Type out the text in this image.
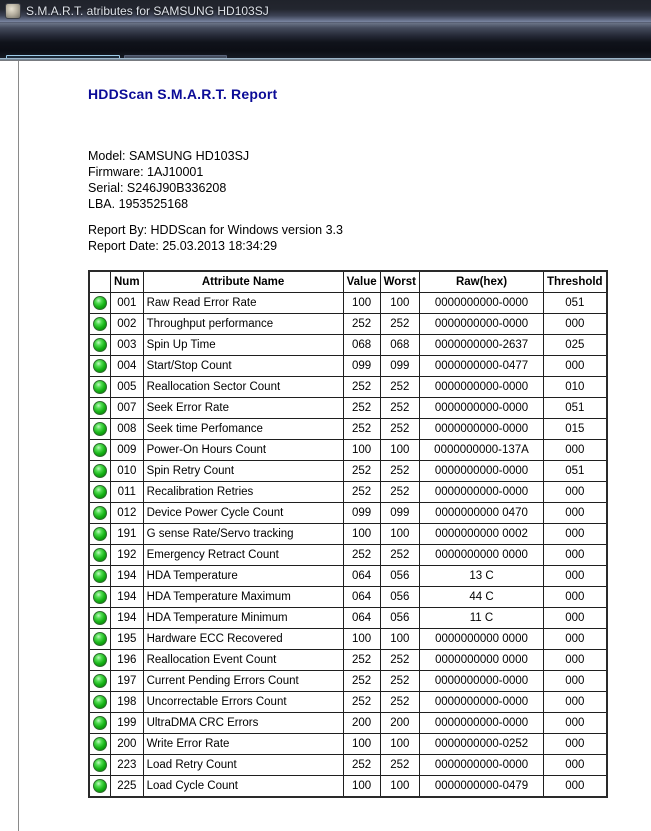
S.M.A.R.T. atributes for SAMSUNG HD103SJ
HDDScan S.M.A.R.T. Report
Model: SAMSUNG HD103SJ
Firmware: 1AJ10001
Serial: S246J90B336208
LBA. 1953525168
Report By: HDDScan for Windows version 3.3
Report Date: 25.03.2013 18:34:29
	Num	Attribute Name	Value	Worst	Raw(hex)	Threshold
	001	Raw Read Error Rate	100	100	0000000000-0000	051
	002	Throughput performance	252	252	0000000000-0000	000
	003	Spin Up Time	068	068	0000000000-2637	025
	004	Start/Stop Count	099	099	0000000000-0477	000
	005	Reallocation Sector Count	252	252	0000000000-0000	010
	007	Seek Error Rate	252	252	0000000000-0000	051
	008	Seek time Perfomance	252	252	0000000000-0000	015
	009	Power-On Hours Count	100	100	0000000000-137A	000
	010	Spin Retry Count	252	252	0000000000-0000	051
	011	Recalibration Retries	252	252	0000000000-0000	000
	012	Device Power Cycle Count	099	099	0000000000 0470	000
	191	G sense Rate/Servo tracking	100	100	0000000000 0002	000
	192	Emergency Retract Count	252	252	0000000000 0000	000
	194	HDA Temperature	064	056	13 C	000
	194	HDA Temperature Maximum	064	056	44 C	000
	194	HDA Temperature Minimum	064	056	11 C	000
	195	Hardware ECC Recovered	100	100	0000000000 0000	000
	196	Reallocation Event Count	252	252	0000000000 0000	000
	197	Current Pending Errors Count	252	252	0000000000-0000	000
	198	Uncorrectable Errors Count	252	252	0000000000-0000	000
	199	UltraDMA CRC Errors	200	200	0000000000-0000	000
	200	Write Error Rate	100	100	0000000000-0252	000
	223	Load Retry Count	252	252	0000000000-0000	000
	225	Load Cycle Count	100	100	0000000000-0479	000
